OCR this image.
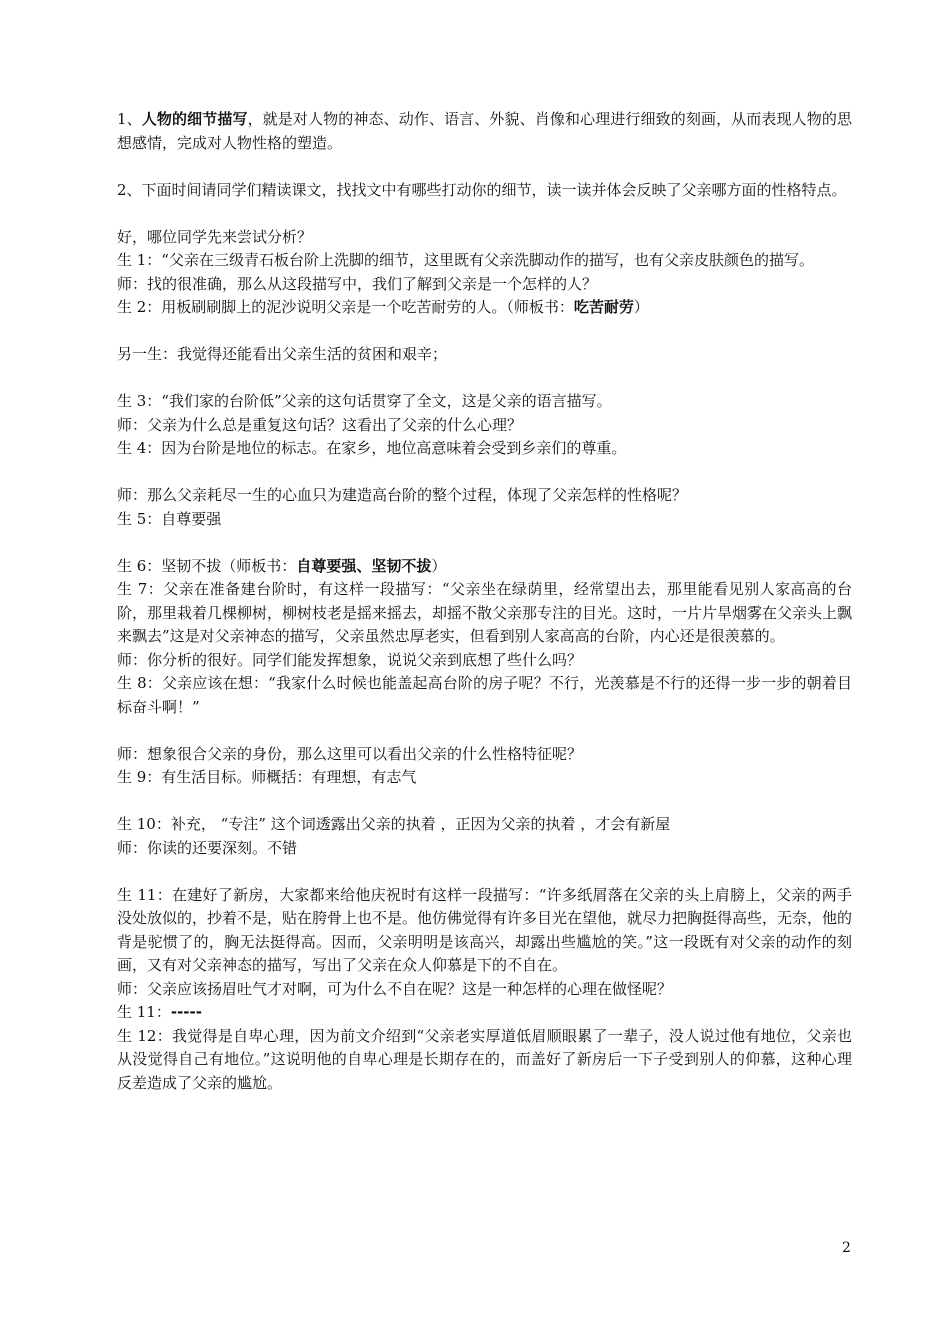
1、人物的细节描写，就是对人物的神态、动作、语言、外貌、肖像和心理进行细致的刻画，从而表现人物的思想感情，完成对人物性格的塑造。

2、下面时间请同学们精读课文，找找文中有哪些打动你的细节，读一读并体会反映了父亲哪方面的性格特点。

好，哪位同学先来尝试分析？

生 1：“父亲在三级青石板台阶上洗脚的细节，这里既有父亲洗脚动作的描写，也有父亲皮肤颜色的描写。

师：找的很准确，那么从这段描写中，我们了解到父亲是一个怎样的人？

生 2：用板刷刷脚上的泥沙说明父亲是一个吃苦耐劳的人。（师板书：吃苦耐劳）

另一生：我觉得还能看出父亲生活的贫困和艰辛；

生 3：“我们家的台阶低”父亲的这句话贯穿了全文，这是父亲的语言描写。

师：父亲为什么总是重复这句话？这看出了父亲的什么心理？

生 4：因为台阶是地位的标志。在家乡，地位高意味着会受到乡亲们的尊重。

师：那么父亲耗尽一生的心血只为建造高台阶的整个过程，体现了父亲怎样的性格呢？

生 5：自尊要强

生 6：坚韧不拔（师板书：自尊要强、坚韧不拔）

生 7：父亲在准备建台阶时，有这样一段描写：“父亲坐在绿荫里，经常望出去，那里能看见别人家高高的台阶，那里栽着几棵柳树，柳树枝老是摇来摇去，却摇不散父亲那专注的目光。这时，一片片旱烟雾在父亲头上飘来飘去”这是对父亲神态的描写，父亲虽然忠厚老实，但看到别人家高高的台阶，内心还是很羡慕的。

师：你分析的很好。同学们能发挥想象，说说父亲到底想了些什么吗？

生 8：父亲应该在想：“我家什么时候也能盖起高台阶的房子呢？不行，光羡慕是不行的还得一步一步的朝着目标奋斗啊！”

师：想象很合父亲的身份，那么这里可以看出父亲的什么性格特征呢？

生 9：有生活目标。师概括：有理想，有志气

生 10：补充， “专注” 这个词透露出父亲的执着 ，正因为父亲的执着 ，才会有新屋

师：你读的还要深刻。不错

生 11：在建好了新房，大家都来给他庆祝时有这样一段描写：“许多纸屑落在父亲的头上肩膀上，父亲的两手没处放似的，抄着不是，贴在胯骨上也不是。他仿佛觉得有许多目光在望他，就尽力把胸挺得高些，无奈，他的背是驼惯了的，胸无法挺得高。因而，父亲明明是该高兴，却露出些尴尬的笑。”这一段既有对父亲的动作的刻画，又有对父亲神态的描写，写出了父亲在众人仰慕是下的不自在。

师：父亲应该扬眉吐气才对啊，可为什么不自在呢？这是一种怎样的心理在做怪呢？

生 11：-----

生 12：我觉得是自卑心理，因为前文介绍到“父亲老实厚道低眉顺眼累了一辈子，没人说过他有地位，父亲也从没觉得自己有地位。”这说明他的自卑心理是长期存在的，而盖好了新房后一下子受到别人的仰慕，这种心理反差造成了父亲的尴尬。

2
